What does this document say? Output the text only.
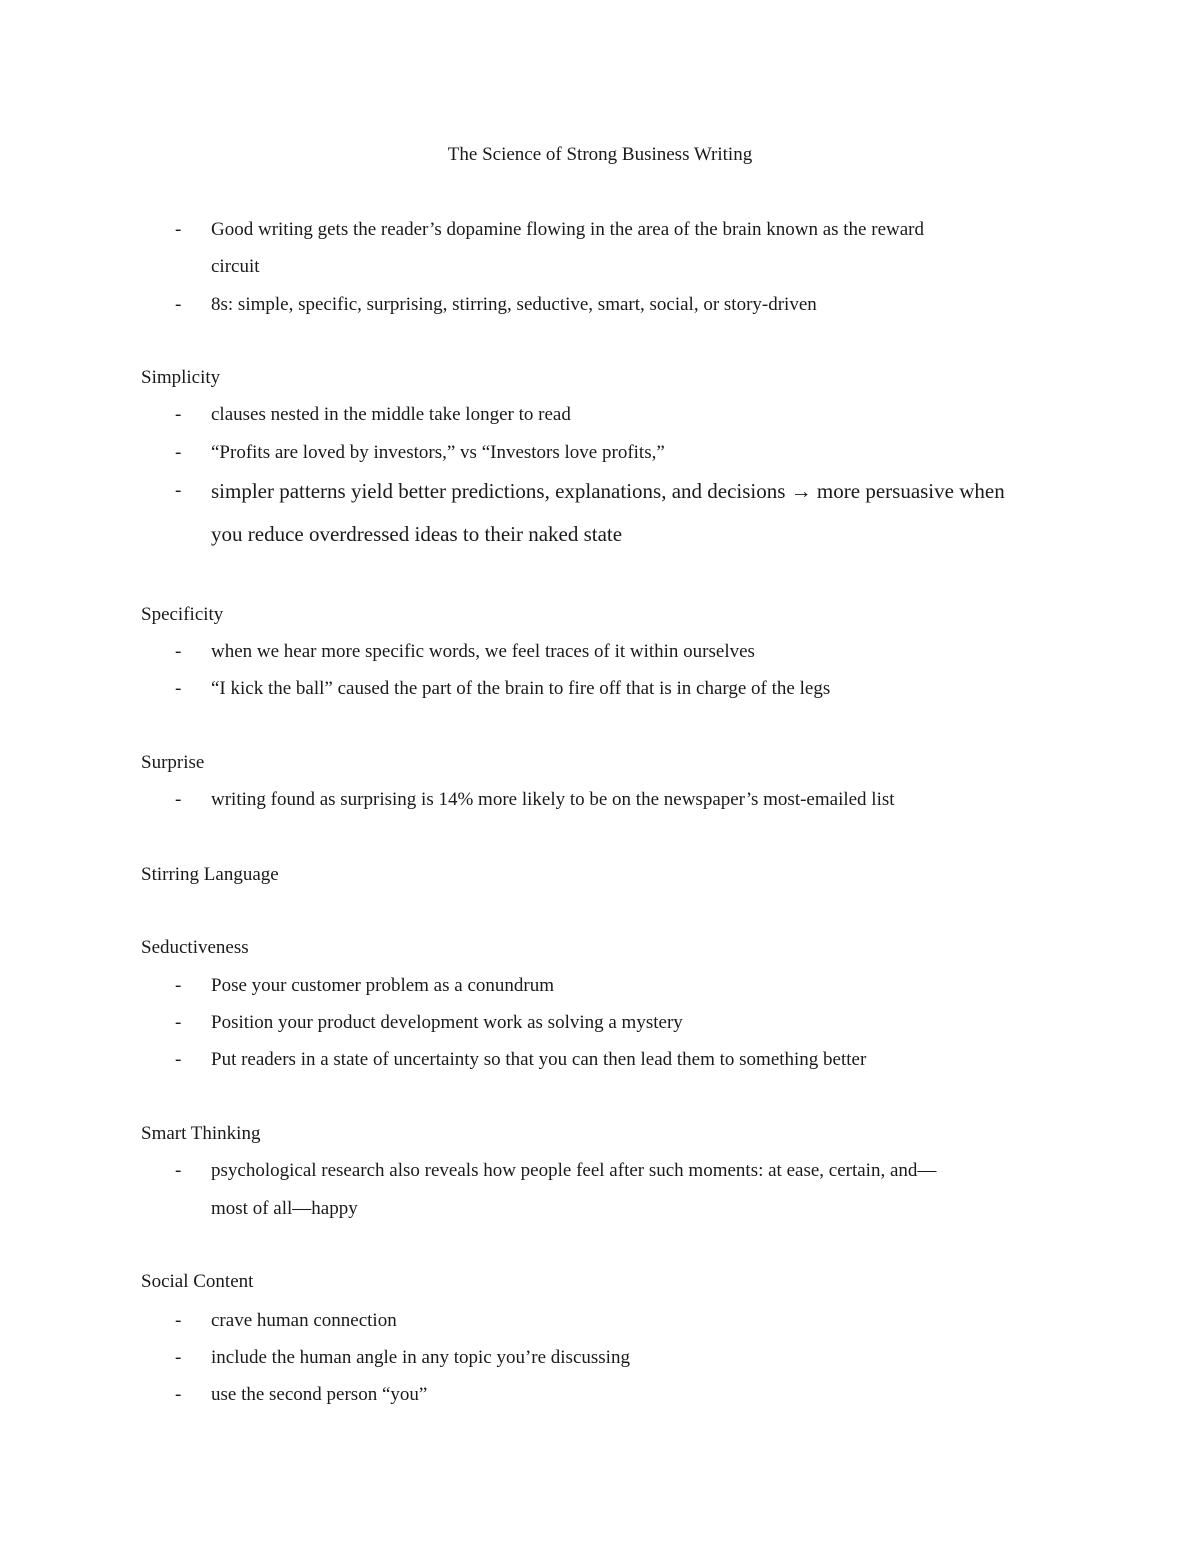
The Science of Strong Business Writing
- Good writing gets the reader’s dopamine flowing in the area of the brain known as the reward
circuit
- 8s: simple, specific, surprising, stirring, seductive, smart, social, or story-driven
Simplicity
- clauses nested in the middle take longer to read
- “Profits are loved by investors,” vs “Investors love profits,”
- simpler patterns yield better predictions, explanations, and decisions → more persuasive when
you reduce overdressed ideas to their naked state
Specificity
- when we hear more specific words, we feel traces of it within ourselves
- “I kick the ball” caused the part of the brain to fire off that is in charge of the legs
Surprise
- writing found as surprising is 14% more likely to be on the newspaper’s most-emailed list
Stirring Language
Seductiveness
- Pose your customer problem as a conundrum
- Position your product development work as solving a mystery
- Put readers in a state of uncertainty so that you can then lead them to something better
Smart Thinking
- psychological research also reveals how people feel after such moments: at ease, certain, and—
most of all—happy
Social Content
- crave human connection
- include the human angle in any topic you’re discussing
- use the second person “you”
